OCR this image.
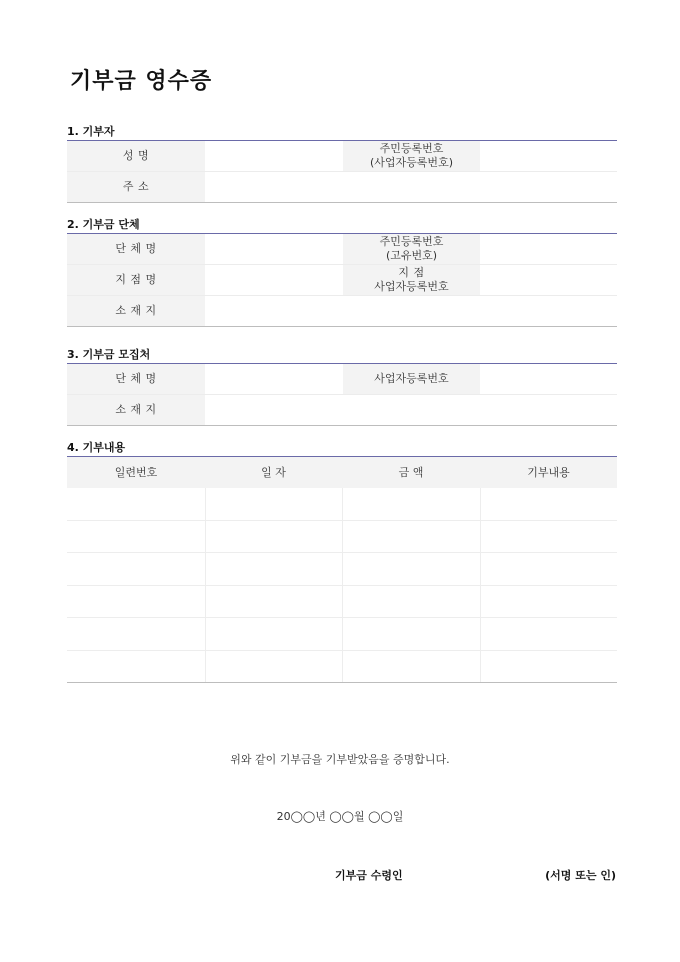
기부금 영수증
1. 기부자
성 명		주민등록번호
(사업자등록번호)	
주 소			
2. 기부금 단체
단 체 명		주민등록번호
(고유번호)	
지 점 명		지 점
사업자등록번호	
소 재 지			
3. 기부금 모집처
단 체 명		사업자등록번호	
소 재 지			
4. 기부내용
일련번호	일 자	금 액	기부내용

위와 같이 기부금을 기부받았음을 증명합니다.
20◯◯년 ◯◯월 ◯◯일
기부금 수령인	(서명 또는 인)
